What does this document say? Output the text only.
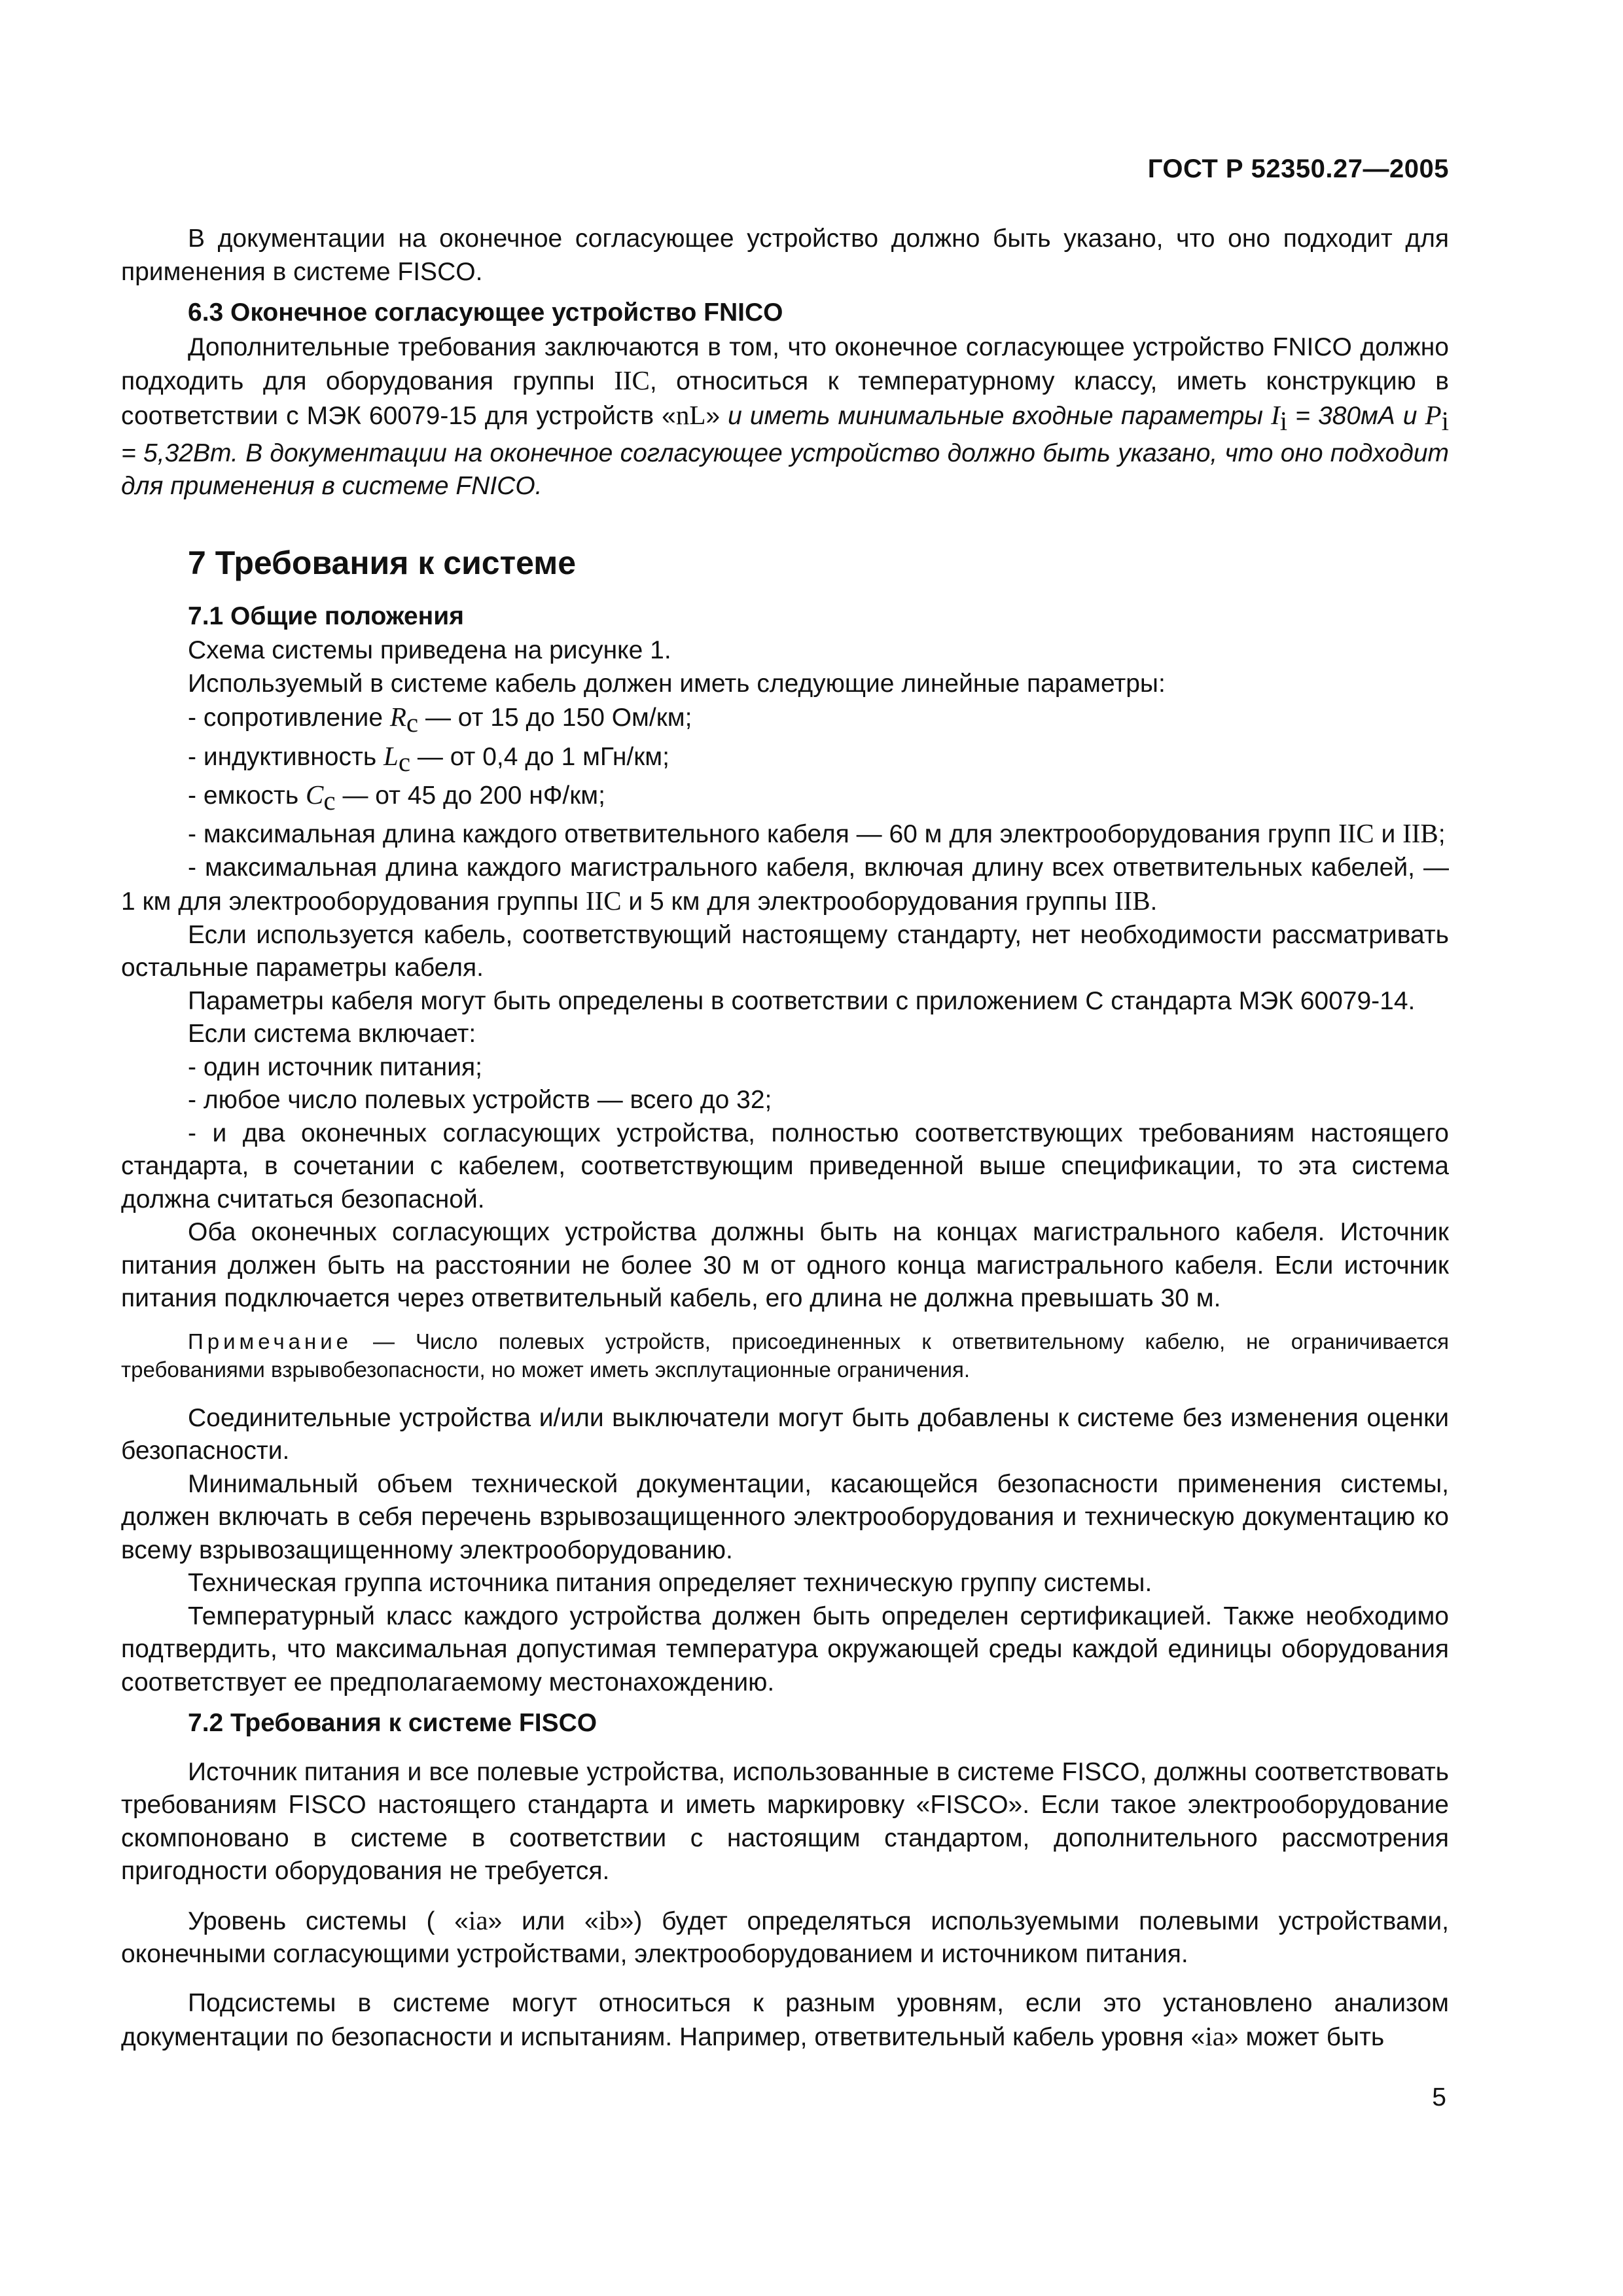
ГОСТ Р 52350.27—2005

В документации на оконечное согласующее устройство должно быть указано, что оно подходит для применения в системе FISCO.

6.3 Оконечное согласующее устройство FNICO

Дополнительные требования заключаются в том, что оконечное согласующее устройство FNICO должно подходить для оборудования группы IIC, относиться к температурному классу, иметь конструкцию в соответствии с МЭК 60079-15 для устройств «nL» и иметь минимальные входные параметры $I_i = 380мА$ и $P_i = 5,32Вт$. В документации на оконечное согласующее устройство должно быть указано, что оно подходит для применения в системе FNICO.

7 Требования к системе
7.1 Общие положения

Схема системы приведена на рисунке 1.

Используемый в системе кабель должен иметь следующие линейные параметры:

- сопротивление $R_c$ — от 15 до 150 Ом/км;

- индуктивность $L_c$ — от 0,4 до 1 мГн/км;

- емкость $C_c$ — от 45 до 200 нФ/км;

- максимальная длина каждого ответвительного кабеля — 60 м для электрооборудования групп IIC и IIB;

- максимальная длина каждого магистрального кабеля, включая длину всех ответвительных кабелей, — 1 км для электрооборудования группы IIC и 5 км для электрооборудования группы IIB.

Если используется кабель, соответствующий настоящему стандарту, нет необходимости рассматривать остальные параметры кабеля.

Параметры кабеля могут быть определены в соответствии с приложением С стандарта МЭК 60079-14.

Если система включает:

- один источник питания;

- любое число полевых устройств — всего до 32;

- и два оконечных согласующих устройства, полностью соответствующих требованиям настоящего стандарта, в сочетании с кабелем, соответствующим приведенной выше спецификации, то эта система должна считаться безопасной.

Оба оконечных согласующих устройства должны быть на концах магистрального кабеля. Источник питания должен быть на расстоянии не более 30 м от одного конца магистрального кабеля. Если источник питания подключается через ответвительный кабель, его длина не должна превышать 30 м.

Примечание — Число полевых устройств, присоединенных к ответвительному кабелю, не ограничивается требованиями взрывобезопасности, но может иметь эксплутационные ограничения.

Соединительные устройства и/или выключатели могут быть добавлены к системе без изменения оценки безопасности.

Минимальный объем технической документации, касающейся безопасности применения системы, должен включать в себя перечень взрывозащищенного электрооборудования и техническую документацию ко всему взрывозащищенному электрооборудованию.

Техническая группа источника питания определяет техническую группу системы.

Температурный класс каждого устройства должен быть определен сертификацией. Также необходимо подтвердить, что максимальная допустимая температура окружающей среды каждой единицы оборудования соответствует ее предполагаемому местонахождению.

7.2 Требования к системе FISCO

Источник питания и все полевые устройства, использованные в системе FISCO, должны соответствовать требованиям FISCO настоящего стандарта и иметь маркировку «FISCO». Если такое электрооборудование скомпоновано в системе в соответствии с настоящим стандартом, дополнительного рассмотрения пригодности оборудования не требуется.

Уровень системы ( «ia» или «ib») будет определяться используемыми полевыми устройствами, оконечными согласующими устройствами, электрооборудованием и источником питания.

Подсистемы в системе могут относиться к разным уровням, если это установлено анализом документации по безопасности и испытаниям. Например, ответвительный кабель уровня «ia» может быть

5
